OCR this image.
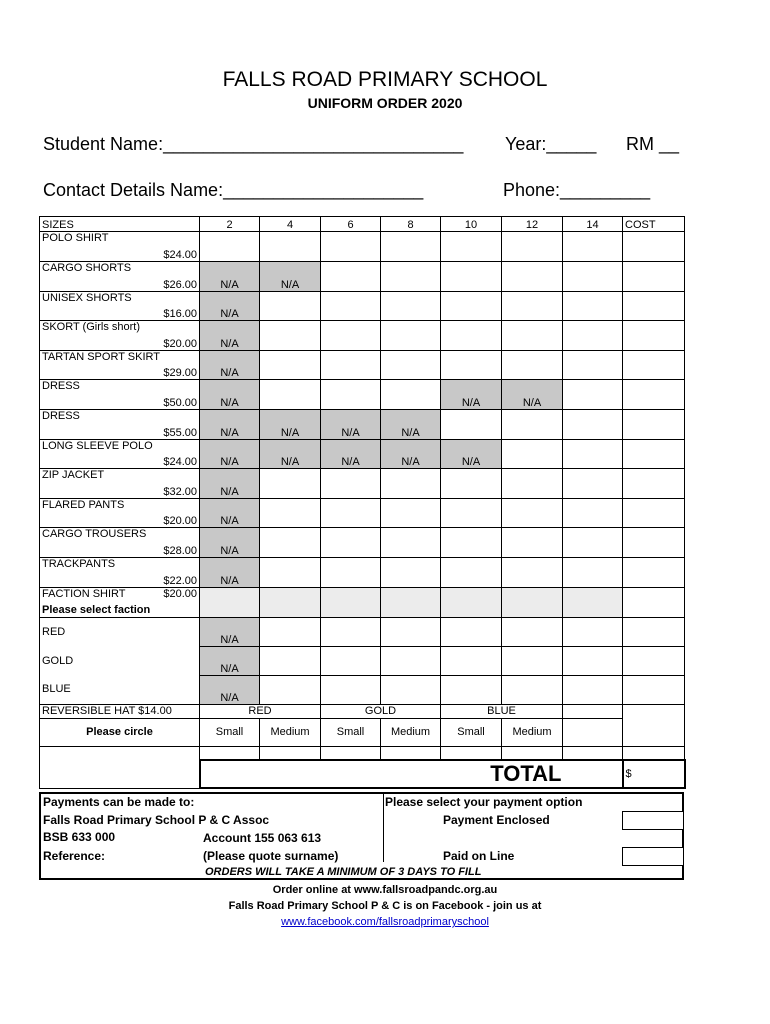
FALLS ROAD PRIMARY SCHOOL
UNIFORM ORDER 2020
Student Name:______________________________ Year:_____ RM __
Contact Details Name:____________________	Phone:_________
SIZES	2	4	6	8	10	12	14	COST

POLO SHIRT
$24.00								

CARGO SHORTS
$26.00	N/A	N/A						

UNISEX SHORTS
$16.00	N/A							

SKORT (Girls short)
$20.00	N/A							

TARTAN SPORT SKIRT
$29.00	N/A							

DRESS
$50.00	N/A				N/A	N/A		

DRESS
$55.00	N/A	N/A	N/A	N/A				

LONG SLEEVE POLO
$24.00	N/A	N/A	N/A	N/A	N/A			

ZIP JACKET
$32.00	N/A							

FLARED PANTS
$20.00	N/A							

CARGO TROUSERS
$28.00	N/A							

TRACKPANTS
$22.00	N/A							

FACTION SHIRT $20.00
Please select faction								

RED	N/A							
GOLD	N/A							
BLUE	N/A							
REVERSIBLE HAT $14.00	RED		GOLD		BLUE			
Please circle	Small	Medium	Small	Medium	Small	Medium		

	TOTAL							$
Payments can be made to:
Falls Road Primary School P & C Assoc
BSB 633 000	Account 155 063 613
Reference:	(Please quote surname)
Please select your payment option
Payment Enclosed
Paid on Line
ORDERS WILL TAKE A MINIMUM OF 3 DAYS TO FILL
Order online at www.fallsroadpandc.org.au
Falls Road Primary School P & C is on Facebook - join us at
www.facebook.com/fallsroadprimaryschool
